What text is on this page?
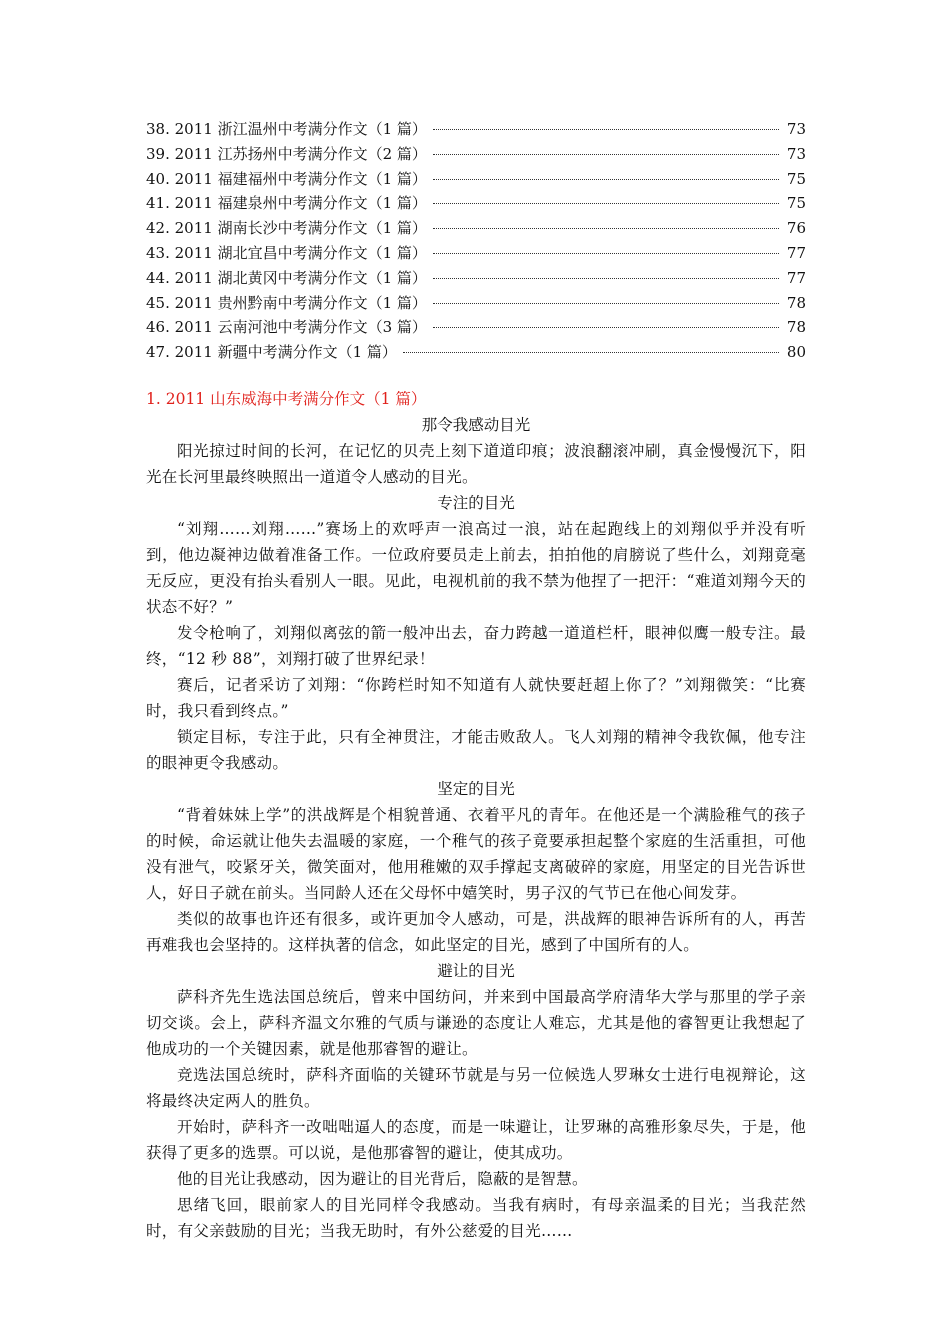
38. 2011 浙江温州中考满分作文（1 篇）	73
39. 2011 江苏扬州中考满分作文（2 篇）	73
40. 2011 福建福州中考满分作文（1 篇）	75
41. 2011 福建泉州中考满分作文（1 篇）	75
42. 2011 湖南长沙中考满分作文（1 篇）	76
43. 2011 湖北宜昌中考满分作文（1 篇）	77
44. 2011 湖北黄冈中考满分作文（1 篇）	77
45. 2011 贵州黔南中考满分作文（1 篇）	78
46. 2011 云南河池中考满分作文（3 篇）	78
47. 2011 新疆中考满分作文（1 篇）	80
1. 2011 山东威海中考满分作文（1 篇）
那令我感动目光

阳光掠过时间的长河，在记忆的贝壳上刻下道道印痕；波浪翻滚冲刷，真金慢慢沉下，阳光在长河里最终映照出一道道令人感动的目光。

专注的目光

“刘翔……刘翔……”赛场上的欢呼声一浪高过一浪，站在起跑线上的刘翔似乎并没有听到，他边凝神边做着准备工作。一位政府要员走上前去，拍拍他的肩膀说了些什么，刘翔竟毫无反应，更没有抬头看别人一眼。见此，电视机前的我不禁为他捏了一把汗：“难道刘翔今天的状态不好？”

发令枪响了，刘翔似离弦的箭一般冲出去，奋力跨越一道道栏杆，眼神似鹰一般专注。最终，“12 秒 88”，刘翔打破了世界纪录！

赛后，记者采访了刘翔：“你跨栏时知不知道有人就快要赶超上你了？”刘翔微笑：“比赛时，我只看到终点。”

锁定目标，专注于此，只有全神贯注，才能击败敌人。飞人刘翔的精神令我钦佩，他专注的眼神更令我感动。

坚定的目光

“背着妹妹上学”的洪战辉是个相貌普通、衣着平凡的青年。在他还是一个满脸稚气的孩子的时候，命运就让他失去温暖的家庭，一个稚气的孩子竟要承担起整个家庭的生活重担，可他没有泄气，咬紧牙关，微笑面对，他用稚嫩的双手撑起支离破碎的家庭，用坚定的目光告诉世人，好日子就在前头。当同龄人还在父母怀中嬉笑时，男子汉的气节已在他心间发芽。

类似的故事也许还有很多，或许更加令人感动，可是，洪战辉的眼神告诉所有的人，再苦再难我也会坚持的。这样执著的信念，如此坚定的目光，感到了中国所有的人。

避让的目光

萨科齐先生选法国总统后，曾来中国纺问，并来到中国最高学府清华大学与那里的学子亲切交谈。会上，萨科齐温文尔雅的气质与谦逊的态度让人难忘，尤其是他的睿智更让我想起了他成功的一个关键因素，就是他那睿智的避让。

竞选法国总统时，萨科齐面临的关键环节就是与另一位候选人罗琳女士进行电视辩论，这将最终决定两人的胜负。

开始时，萨科齐一改咄咄逼人的态度，而是一味避让，让罗琳的高雅形象尽失，于是，他获得了更多的选票。可以说，是他那睿智的避让，使其成功。

他的目光让我感动，因为避让的目光背后，隐蔽的是智慧。

思绪飞回，眼前家人的目光同样令我感动。当我有病时，有母亲温柔的目光；当我茫然时，有父亲鼓励的目光；当我无助时，有外公慈爱的目光……
